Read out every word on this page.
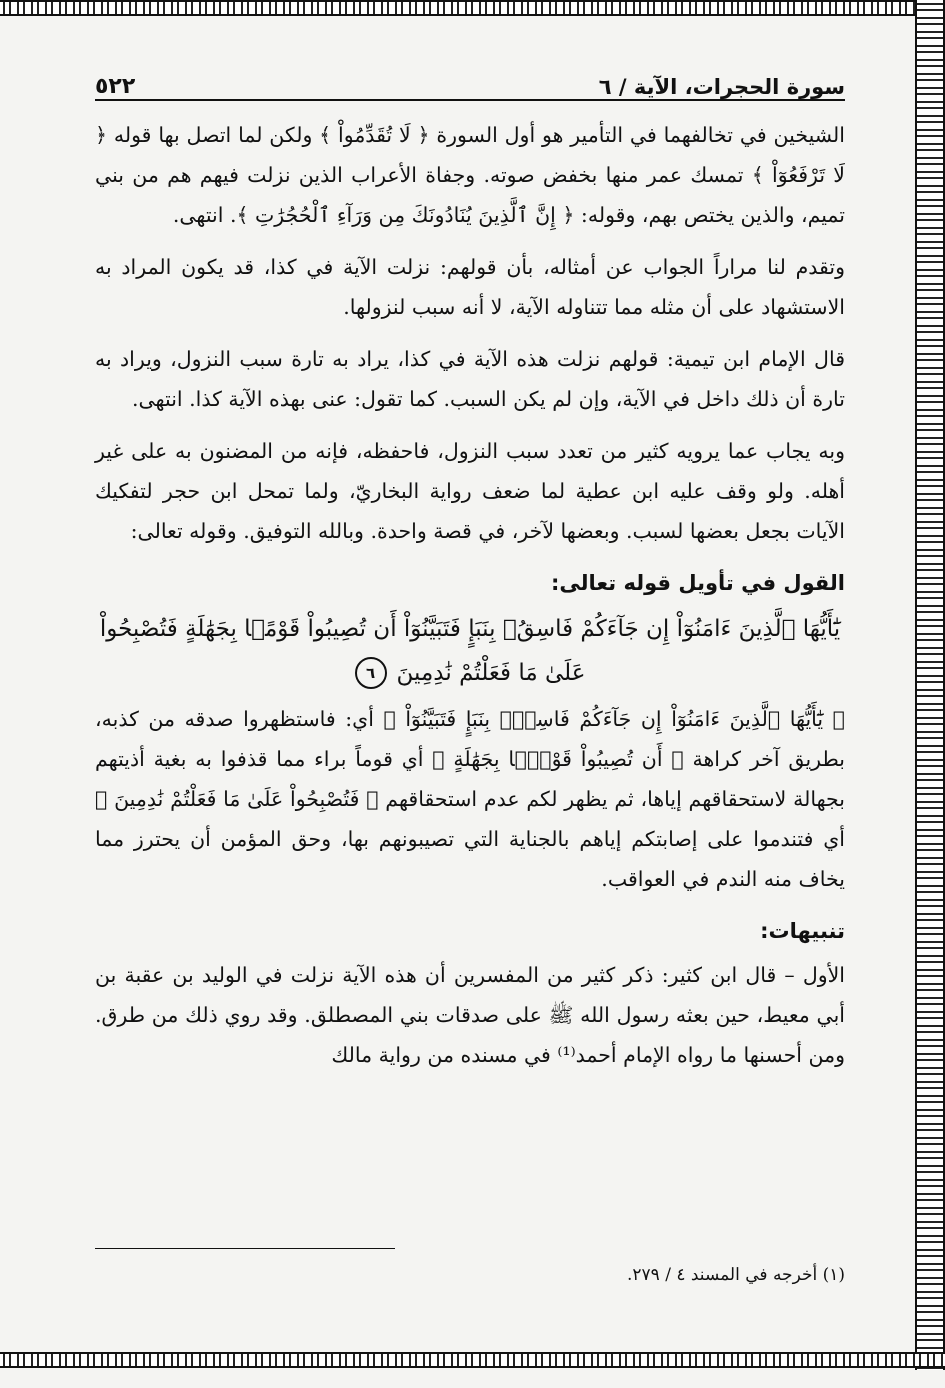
سورة الحجرات، الآية / ٦
٥٢٢

الشيخين في تخالفهما في التأمير هو أول السورة ﴿ لَا تُقَدِّمُواْ ﴾ ولكن لما اتصل بها قوله ﴿ لَا تَرْفَعُوٓاْ ﴾ تمسك عمر منها بخفض صوته. وجفاة الأعراب الذين نزلت فيهم هم من بني تميم، والذين يختص بهم، وقوله: ﴿ إِنَّ ٱلَّذِينَ يُنَادُونَكَ مِن وَرَآءِ ٱلْحُجُرَٰتِ ﴾. انتهى.

وتقدم لنا مراراً الجواب عن أمثاله، بأن قولهم: نزلت الآية في كذا، قد يكون المراد به الاستشهاد على أن مثله مما تتناوله الآية، لا أنه سبب لنزولها.

قال الإمام ابن تيمية: قولهم نزلت هذه الآية في كذا، يراد به تارة سبب النزول، ويراد به تارة أن ذلك داخل في الآية، وإن لم يكن السبب. كما تقول: عنى بهذه الآية كذا. انتهى.

وبه يجاب عما يرويه كثير من تعدد سبب النزول، فاحفظه، فإنه من المضنون به على غير أهله. ولو وقف عليه ابن عطية لما ضعف رواية البخاريّ، ولما تمحل ابن حجر لتفكيك الآيات بجعل بعضها لسبب. وبعضها لآخر، في قصة واحدة. وبالله التوفيق. وقوله تعالى:

القول في تأويل قوله تعالى:
يَٰٓأَيُّهَا ٱلَّذِينَ ءَامَنُوٓاْ إِن جَآءَكُمْ فَاسِقُۢ بِنَبَإٍ فَتَبَيَّنُوٓاْ أَن تُصِيبُواْ قَوْمًۢا بِجَهَٰلَةٍ فَتُصْبِحُواْ
عَلَىٰ مَا فَعَلْتُمْ نَٰدِمِينَ
٦

﴿ يَٰٓأَيُّهَا ٱلَّذِينَ ءَامَنُوٓاْ إِن جَآءَكُمْ فَاسِقُۢ بِنَبَإٍ فَتَبَيَّنُوٓاْ ﴾ أي: فاستظهروا صدقه من كذبه، بطريق آخر كراهة ﴿ أَن تُصِيبُواْ قَوْمًۢا بِجَهَٰلَةٍ ﴾ أي قوماً براء مما قذفوا به بغية أذيتهم بجهالة لاستحقاقهم إياها، ثم يظهر لكم عدم استحقاقهم ﴿ فَتُصْبِحُواْ عَلَىٰ مَا فَعَلْتُمْ نَٰدِمِينَ ﴾ أي فتندموا على إصابتكم إياهم بالجناية التي تصيبونهم بها، وحق المؤمن أن يحترز مما يخاف منه الندم في العواقب.

تنبيهات:

الأول – قال ابن كثير: ذكر كثير من المفسرين أن هذه الآية نزلت في الوليد بن عقبة بن أبي معيط، حين بعثه رسول الله ﷺ على صدقات بني المصطلق. وقد روي ذلك من طرق. ومن أحسنها ما رواه الإمام أحمد⁽¹⁾ في مسنده من رواية مالك

(١) أخرجه في المسند ٤ / ٢٧٩.
